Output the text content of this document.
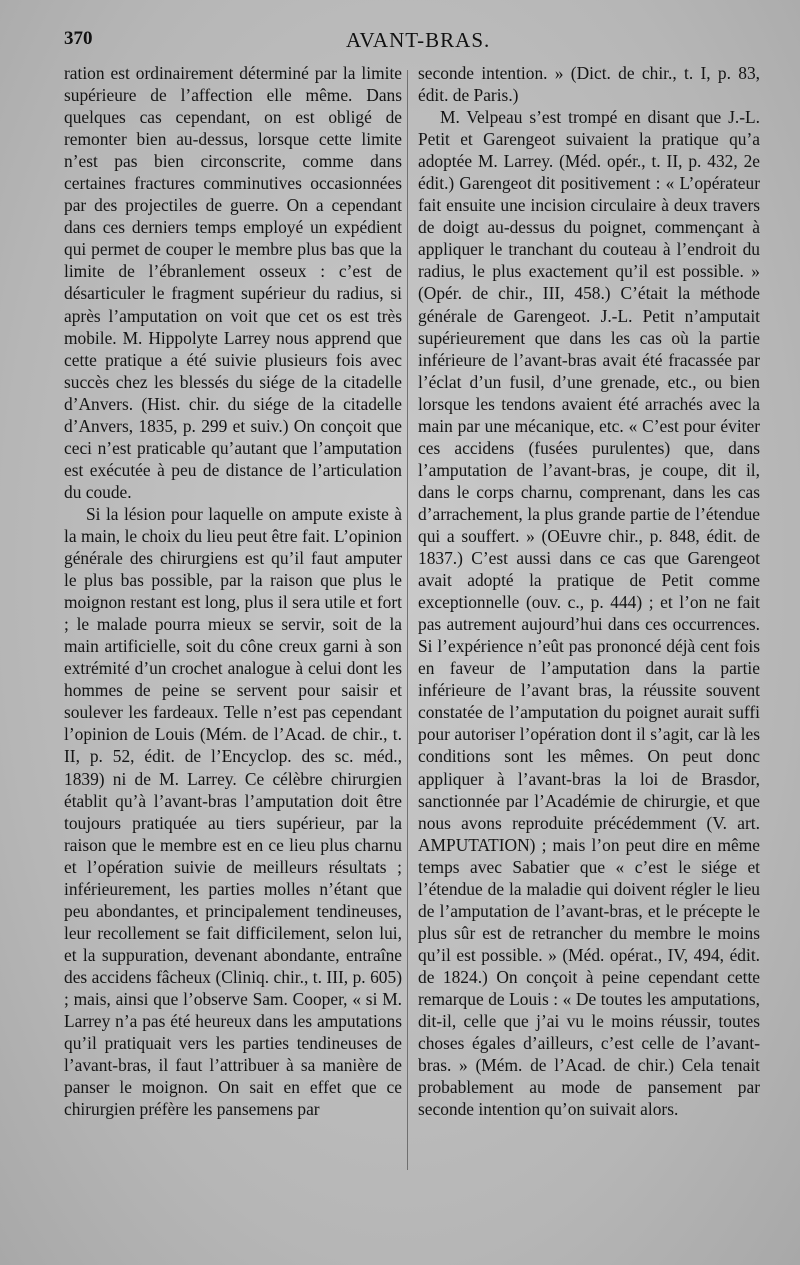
370	AVANT-BRAS.

ration est ordinairement déterminé par la limite supérieure de l’affection elle même. Dans quelques cas cependant, on est obligé de remonter bien au-dessus, lorsque cette limite n’est pas bien circonscrite, comme dans certaines fractures comminutives occasionnées par des projectiles de guerre. On a cependant dans ces derniers temps employé un expédient qui permet de couper le membre plus bas que la limite de l’ébranlement osseux : c’est de désarticuler le fragment supérieur du radius, si après l’amputation on voit que cet os est très mobile. M. Hippolyte Larrey nous apprend que cette pratique a été suivie plusieurs fois avec succès chez les blessés du siége de la citadelle d’Anvers. (Hist. chir. du siége de la citadelle d’Anvers, 1835, p. 299 et suiv.) On conçoit que ceci n’est praticable qu’autant que l’amputation est exécutée à peu de distance de l’articulation du coude.

Si la lésion pour laquelle on ampute existe à la main, le choix du lieu peut être fait. L’opinion générale des chirurgiens est qu’il faut amputer le plus bas possible, par la raison que plus le moignon restant est long, plus il sera utile et fort ; le malade pourra mieux se servir, soit de la main artificielle, soit du cône creux garni à son extrémité d’un crochet analogue à celui dont les hommes de peine se servent pour saisir et soulever les fardeaux. Telle n’est pas cependant l’opinion de Louis (Mém. de l’Acad. de chir., t. II, p. 52, édit. de l’Encyclop. des sc. méd., 1839) ni de M. Larrey. Ce célèbre chirurgien établit qu’à l’avant-bras l’amputation doit être toujours pratiquée au tiers supérieur, par la raison que le membre est en ce lieu plus charnu et l’opération suivie de meilleurs résultats ; inférieurement, les parties molles n’étant que peu abondantes, et principalement tendineuses, leur recollement se fait difficilement, selon lui, et la suppuration, devenant abondante, entraîne des accidens fâcheux (Cliniq. chir., t. III, p. 605) ; mais, ainsi que l’observe Sam. Cooper, « si M. Larrey n’a pas été heureux dans les amputations qu’il pratiquait vers les parties tendineuses de l’avant-bras, il faut l’attribuer à sa manière de panser le moignon. On sait en effet que ce chirurgien préfère les pansemens par

seconde intention. » (Dict. de chir., t. I, p. 83, édit. de Paris.)

M. Velpeau s’est trompé en disant que J.-L. Petit et Garengeot suivaient la pratique qu’a adoptée M. Larrey. (Méd. opér., t. II, p. 432, 2e édit.) Garengeot dit positivement : « L’opérateur fait ensuite une incision circulaire à deux travers de doigt au-dessus du poignet, commençant à appliquer le tranchant du couteau à l’endroit du radius, le plus exactement qu’il est possible. » (Opér. de chir., III, 458.) C’était la méthode générale de Garengeot. J.-L. Petit n’amputait supérieurement que dans les cas où la partie inférieure de l’avant-bras avait été fracassée par l’éclat d’un fusil, d’une grenade, etc., ou bien lorsque les tendons avaient été arrachés avec la main par une mécanique, etc. « C’est pour éviter ces accidens (fusées purulentes) que, dans l’amputation de l’avant-bras, je coupe, dit il, dans le corps charnu, comprenant, dans les cas d’arrachement, la plus grande partie de l’étendue qui a souffert. » (OEuvre chir., p. 848, édit. de 1837.) C’est aussi dans ce cas que Garengeot avait adopté la pratique de Petit comme exceptionnelle (ouv. c., p. 444) ; et l’on ne fait pas autrement aujourd’hui dans ces occurrences. Si l’expérience n’eût pas prononcé déjà cent fois en faveur de l’amputation dans la partie inférieure de l’avant bras, la réussite souvent constatée de l’amputation du poignet aurait suffi pour autoriser l’opération dont il s’agit, car là les conditions sont les mêmes. On peut donc appliquer à l’avant-bras la loi de Brasdor, sanctionnée par l’Académie de chirurgie, et que nous avons reproduite précédemment (V. art. AMPUTATION) ; mais l’on peut dire en même temps avec Sabatier que « c’est le siége et l’étendue de la maladie qui doivent régler le lieu de l’amputation de l’avant-bras, et le précepte le plus sûr est de retrancher du membre le moins qu’il est possible. » (Méd. opérat., IV, 494, édit. de 1824.) On conçoit à peine cependant cette remarque de Louis : « De toutes les amputations, dit-il, celle que j’ai vu le moins réussir, toutes choses égales d’ailleurs, c’est celle de l’avant-bras. » (Mém. de l’Acad. de chir.) Cela tenait probablement au mode de pansement par seconde intention qu’on suivait alors.
